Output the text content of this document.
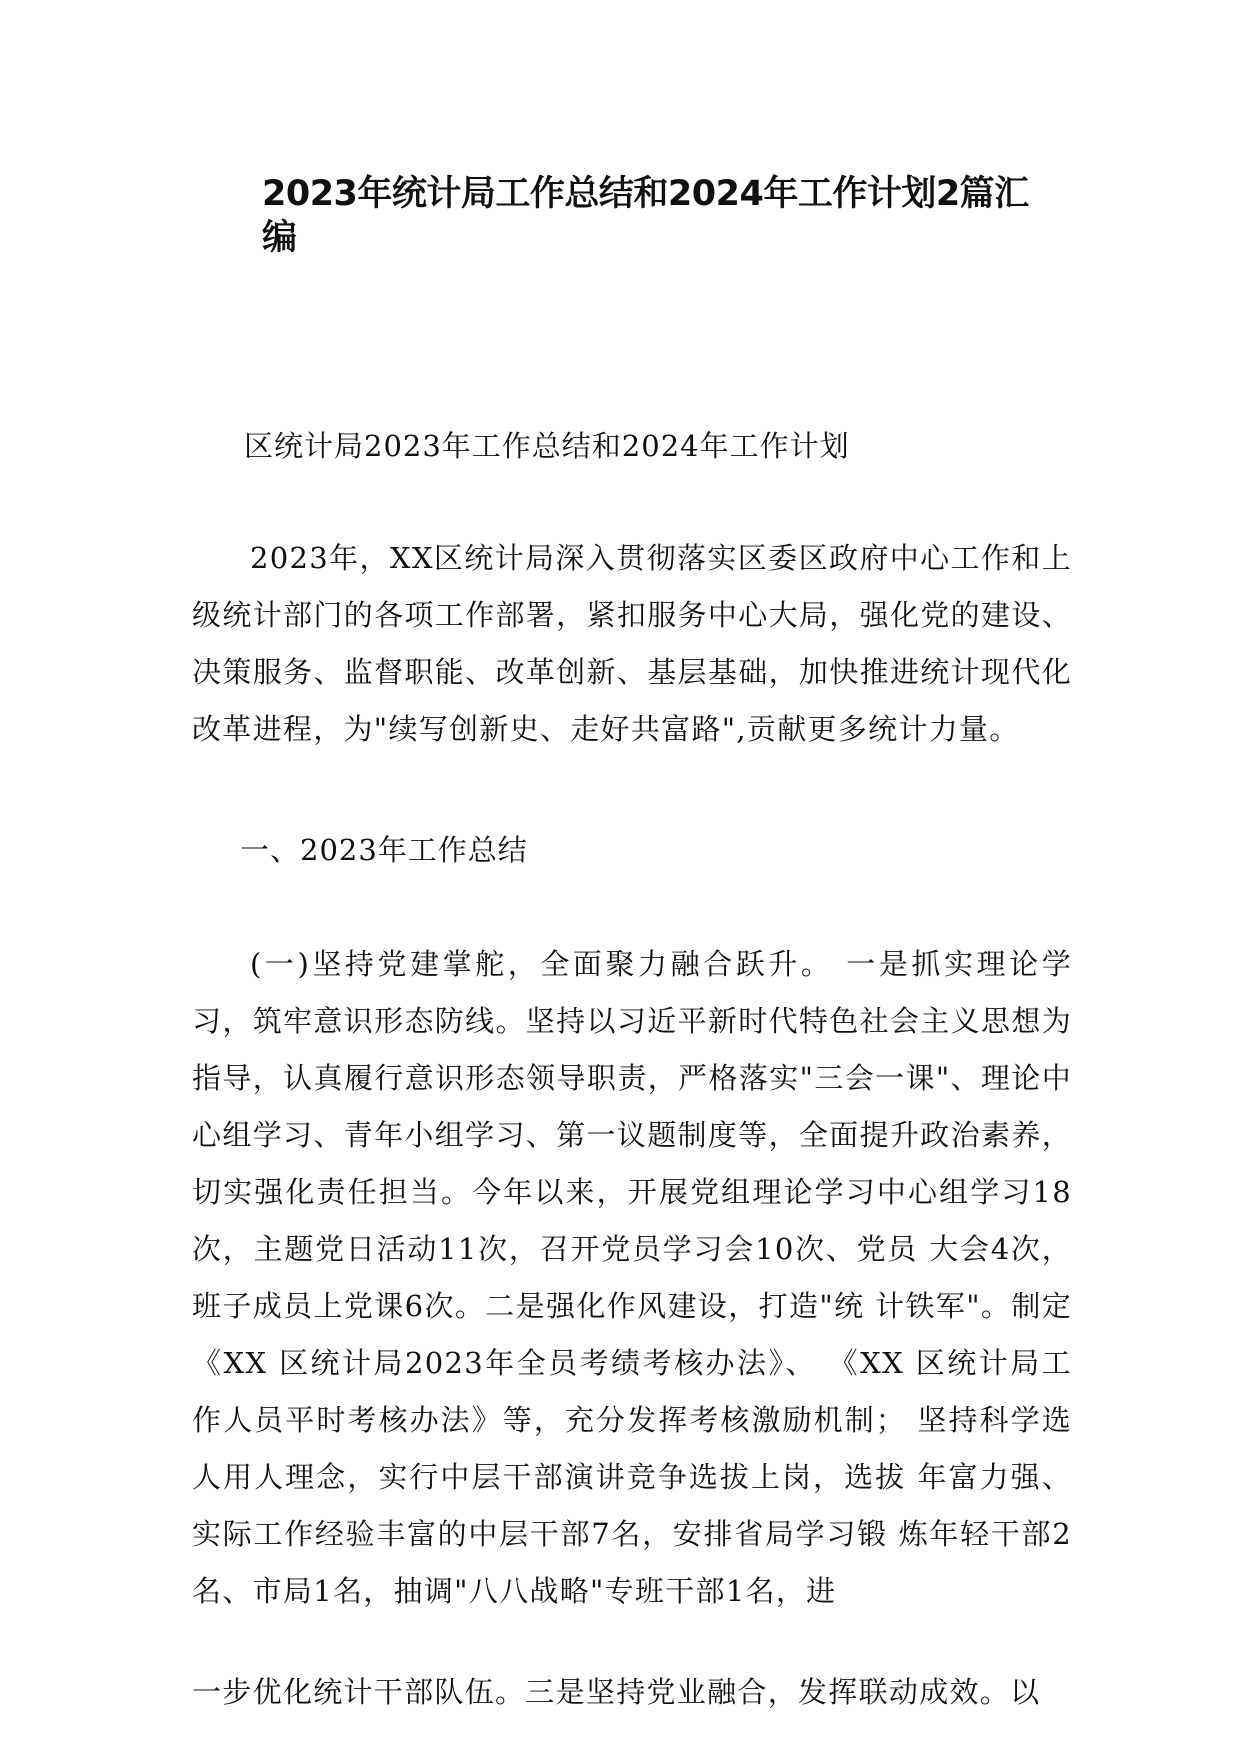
2023年统计局工作总结和2024年工作计划2篇汇编

区统计局2023年工作总结和2024年工作计划

2023年，XX区统计局深入贯彻落实区委区政府中心工作和上级统计部门的各项工作部署，紧扣服务中心大局，强化党的建设、决策服务、监督职能、改革创新、基层基础，加快推进统计现代化改革进程，为"续写创新史、走好共富路",贡献更多统计力量。

一、2023年工作总结

(一)坚持党建掌舵，全面聚力融合跃升。 一是抓实理论学习，筑牢意识形态防线。坚持以习近平新时代特色社会主义思想为指导，认真履行意识形态领导职责，严格落实"三会一课"、理论中心组学习、青年小组学习、第一议题制度等，全面提升政治素养，切实强化责任担当。今年以来，开展党组理论学习中心组学习18次，主题党日活动11次，召开党员学习会10次、党员 大会4次，班子成员上党课6次。二是强化作风建设，打造"统 计铁军"。制定《XX 区统计局2023年全员考绩考核办法》、 《XX 区统计局工作人员平时考核办法》等，充分发挥考核激励机制； 坚持科学选人用人理念，实行中层干部演讲竞争选拔上岗，选拔 年富力强、实际工作经验丰富的中层干部7名，安排省局学习锻 炼年轻干部2名、市局1名，抽调"八八战略"专班干部1名，进

一步优化统计干部队伍。三是坚持党业融合，发挥联动成效。以
